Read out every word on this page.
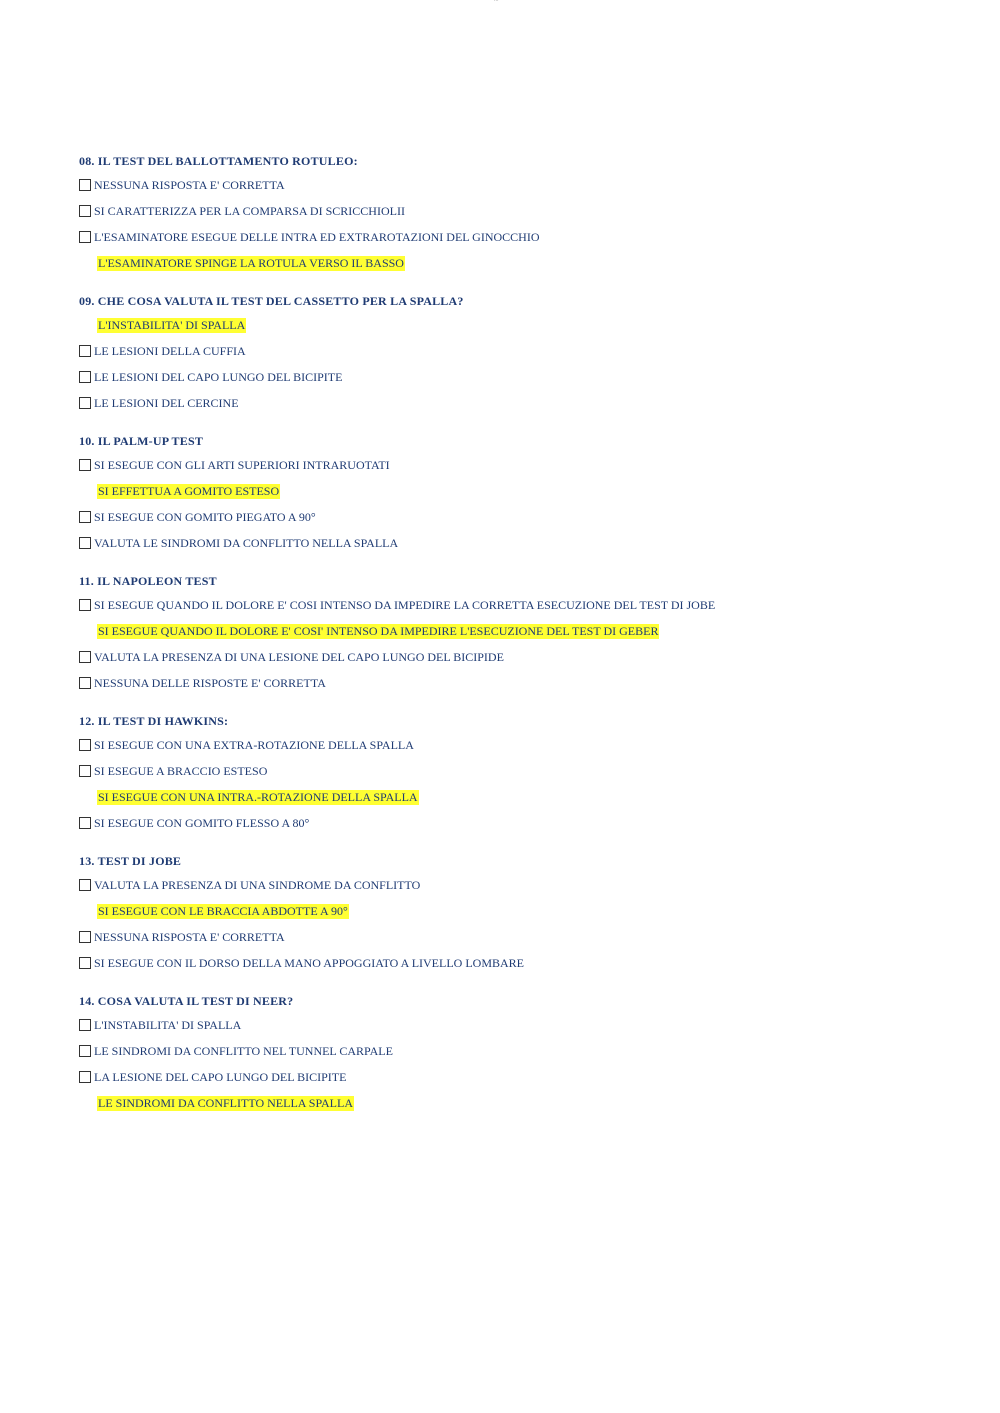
...
08. IL TEST DEL BALLOTTAMENTO ROTULEO:
NESSUNA RISPOSTA E' CORRETTA
SI CARATTERIZZA PER LA COMPARSA DI SCRICCHIOLII
L'ESAMINATORE ESEGUE DELLE INTRA ED EXTRAROTAZIONI DEL GINOCCHIO
L'ESAMINATORE SPINGE LA ROTULA VERSO IL BASSO
09. CHE COSA VALUTA IL TEST DEL CASSETTO PER LA SPALLA?
L'INSTABILITA' DI SPALLA
LE LESIONI DELLA CUFFIA
LE LESIONI DEL CAPO LUNGO DEL BICIPITE
LE LESIONI DEL CERCINE
10. IL PALM-UP TEST
SI ESEGUE CON GLI ARTI SUPERIORI INTRARUOTATI
SI EFFETTUA A GOMITO ESTESO
SI ESEGUE CON GOMITO PIEGATO A 90°
VALUTA LE SINDROMI DA CONFLITTO NELLA SPALLA
11. IL NAPOLEON TEST
SI ESEGUE QUANDO IL DOLORE E' COSI INTENSO DA IMPEDIRE LA CORRETTA ESECUZIONE DEL TEST DI JOBE
SI ESEGUE QUANDO IL DOLORE E' COSI' INTENSO DA IMPEDIRE L'ESECUZIONE DEL TEST DI GEBER
VALUTA LA PRESENZA DI UNA LESIONE DEL CAPO LUNGO DEL BICIPIDE
NESSUNA DELLE RISPOSTE E' CORRETTA
12. IL TEST DI HAWKINS:
SI ESEGUE CON UNA EXTRA-ROTAZIONE DELLA SPALLA
SI ESEGUE A BRACCIO ESTESO
SI ESEGUE CON UNA INTRA.-ROTAZIONE DELLA SPALLA
SI ESEGUE CON GOMITO FLESSO A 80°
13. TEST DI JOBE
VALUTA LA PRESENZA DI UNA SINDROME DA CONFLITTO
SI ESEGUE CON LE BRACCIA ABDOTTE A 90°
NESSUNA RISPOSTA E' CORRETTA
SI ESEGUE CON IL DORSO DELLA MANO APPOGGIATO A LIVELLO LOMBARE
14. COSA VALUTA IL TEST DI NEER?
L'INSTABILITA' DI SPALLA
LE SINDROMI DA CONFLITTO NEL TUNNEL CARPALE
LA LESIONE DEL CAPO LUNGO DEL BICIPITE
LE SINDROMI DA CONFLITTO NELLA SPALLA
